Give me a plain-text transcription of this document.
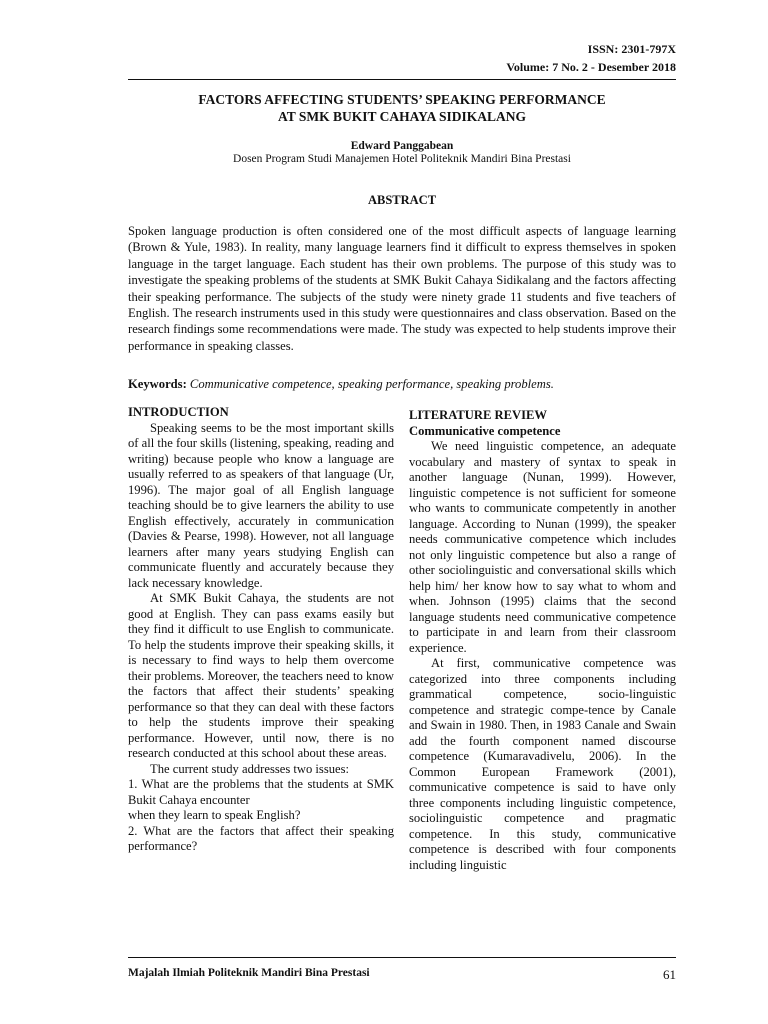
ISSN: 2301-797X
Volume: 7 No. 2 - Desember 2018
FACTORS AFFECTING STUDENTS’ SPEAKING PERFORMANCE
AT SMK BUKIT CAHAYA SIDIKALANG
Edward Panggabean
Dosen Program Studi Manajemen Hotel Politeknik Mandiri Bina Prestasi
ABSTRACT

Spoken language production is often considered one of the most difficult aspects of language learning (Brown & Yule, 1983). In reality, many language learners find it difficult to express themselves in spoken language in the target language. Each student has their own problems. The purpose of this study was to investigate the speaking problems of the students at SMK Bukit Cahaya Sidikalang and the factors affecting their speaking performance. The subjects of the study were ninety grade 11 students and five teachers of English. The research instruments used in this study were questionnaires and class observation. Based on the research findings some recommendations were made. The study was expected to help students improve their performance in speaking classes.

Keywords: Communicative competence, speaking performance, speaking problems.

INTRODUCTION

Speaking seems to be the most important skills of all the four skills (listening, speaking, reading and writing) because people who know a language are usually referred to as speakers of that language (Ur, 1996). The major goal of all English language teaching should be to give learners the ability to use English effectively, accurately in communication (Davies & Pearse, 1998). However, not all language learners after many years studying English can communicate fluently and accurately because they lack necessary knowledge.

At SMK Bukit Cahaya, the students are not good at English. They can pass exams easily but they find it difficult to use English to communicate. To help the students improve their speaking skills, it is necessary to find ways to help them overcome their problems. Moreover, the teachers need to know the factors that affect their students’ speaking performance so that they can deal with these factors to help the students improve their speaking performance. However, until now, there is no research conducted at this school about these areas.

The current study addresses two issues:

1. What are the problems that the students at SMK Bukit Cahaya encounter

when they learn to speak English?

2. What are the factors that affect their speaking performance?

LITERATURE REVIEW

Communicative competence

We need linguistic competence, an adequate vocabulary and mastery of syntax to speak in another language (Nunan, 1999). However, linguistic competence is not sufficient for someone who wants to communicate competently in another language. According to Nunan (1999), the speaker needs communicative competence which includes not only linguistic competence but also a range of other sociolinguistic and conversational skills which help him/ her know how to say what to whom and when. Johnson (1995) claims that the second language students need communicative competence to participate in and learn from their classroom experience.

At first, communicative competence was categorized into three components including grammatical competence, socio-linguistic competence and strategic compe-tence by Canale and Swain in 1980. Then, in 1983 Canale and Swain add the fourth component named discourse competence (Kumaravadivelu, 2006). In the Common European Framework (2001), communicative competence is said to have only three components including linguistic competence, sociolinguistic competence and pragmatic competence. In this study, communicative competence is described with four components including linguistic

Majalah Ilmiah Politeknik Mandiri Bina Prestasi	61
